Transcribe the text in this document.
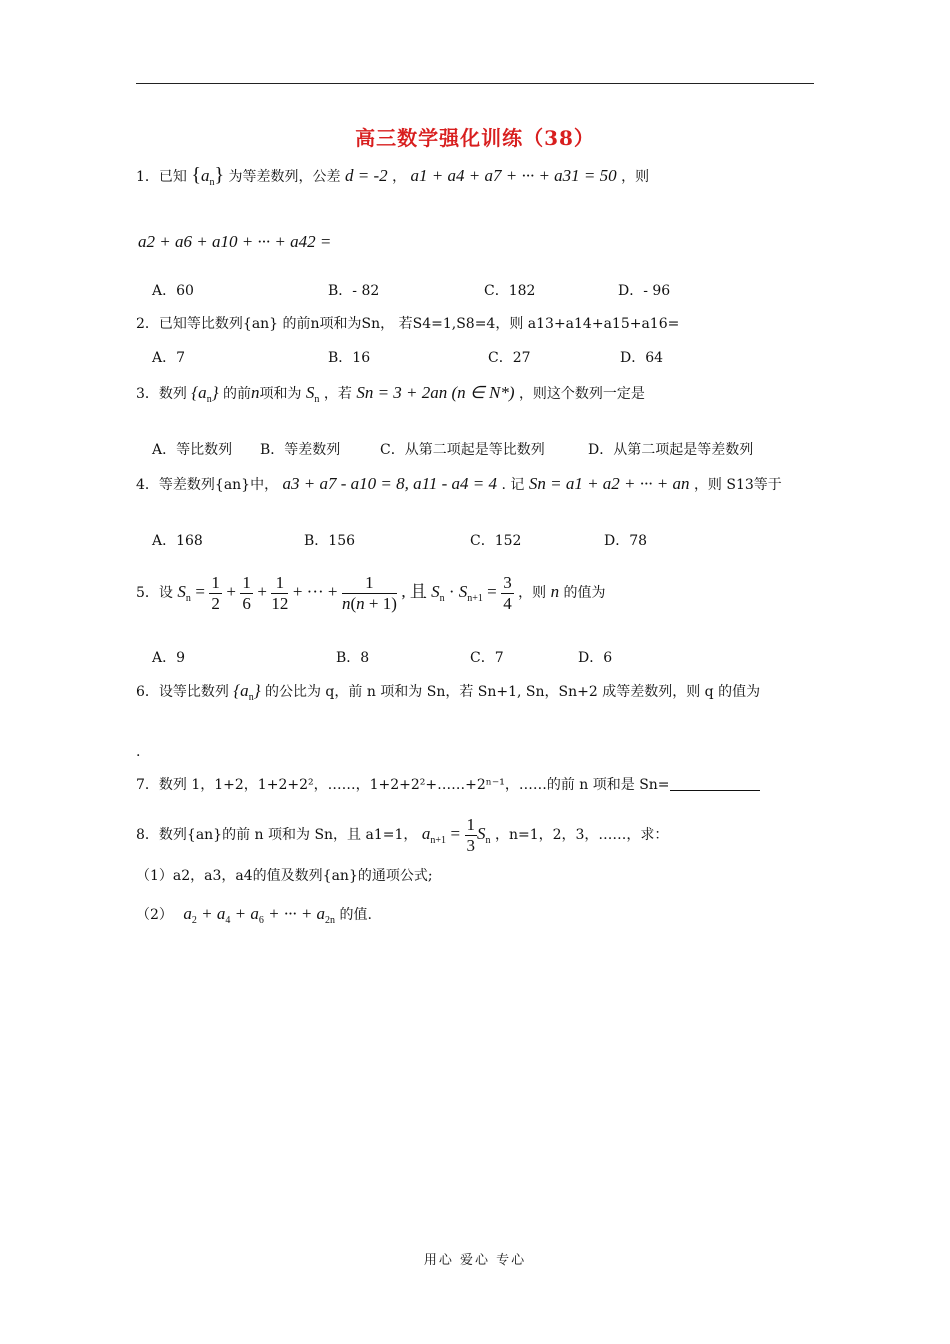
高三数学强化训练（38）
1．已知 $\{a_n\}$ 为等差数列，公差 d = -2 ， a1 + a4 + a7 + ··· + a31 = 50 ，则
a2 + a6 + a10 + ··· + a42 =
A．60	B．- 82	C．182	D．- 96
2．已知等比数列{an} 的前n项和为Sn， 若S4=1,S8=4，则 a13+a14+a15+a16=
A．7	B．16	C．27	D．64
3．数列 $\{a_n\}$ 的前n项和为 $S_n$ ，若 Sn = 3 + 2an (n ∈ N*) ，则这个数列一定是
A．等比数列 B．等差数列	C．从第二项起是等比数列	D．从第二项起是等差数列
4．等差数列{an}中， a3 + a7 - a10 = 8, a11 - a4 = 4 . 记 Sn = a1 + a2 + ··· + an ，则 S13等于
A．168	B．156	C．152	D．78
5．设 $S_n = \frac{1}{2} + \frac{1}{6} + \frac{1}{12}$ + ··· + $\frac{1}{n(n + 1)}$ , 且 $S_n \cdot S_{n+1} = \frac{3}{4}$ ，则 n 的值为
A．9	B．8	C．7	D．6
6．设等比数列 $\{a_n\}$ 的公比为 q，前 n 项和为 Sn，若 Sn+1, Sn，Sn+2 成等差数列，则 q 的值为
.
7．数列 1，1+2，1+2+2²，……，1+2+2²+……+2ⁿ⁻¹，……的前 n 项和是 Sn=
8．数列{an}的前 n 项和为 Sn，且 a1=1， $a_{n+1} = \frac{1}{3} S_n$ ，n=1，2，3，……，求：
（1）a2，a3，a4的值及数列{an}的通项公式;
（2） $a_2 + a_4 + a_6$ + ··· + $a_{2n}$ 的值.
用心 爱心 专心
